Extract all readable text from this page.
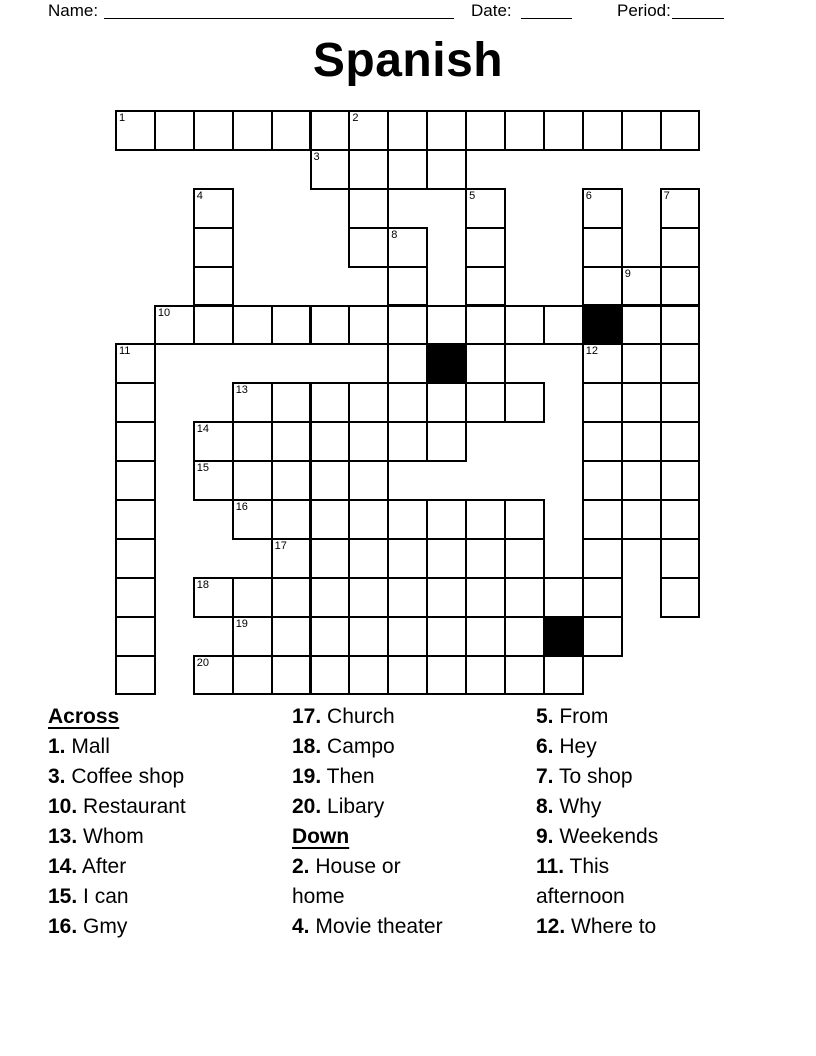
Name:	Date:	Period:
Spanish
1	2
3
4	5	6	7
8
9
10
11	12
13
14
15
16
17
18
19
20
Across
1. Mall
3. Coffee shop
10. Restaurant
13. Whom
14. After
15. I can
16. Gmy
17. Church
18. Campo
19. Then
20. Libary
Down
2. House or home
4. Movie theater
5. From
6. Hey
7. To shop
8. Why
9. Weekends
11. This afternoon
12. Where to
